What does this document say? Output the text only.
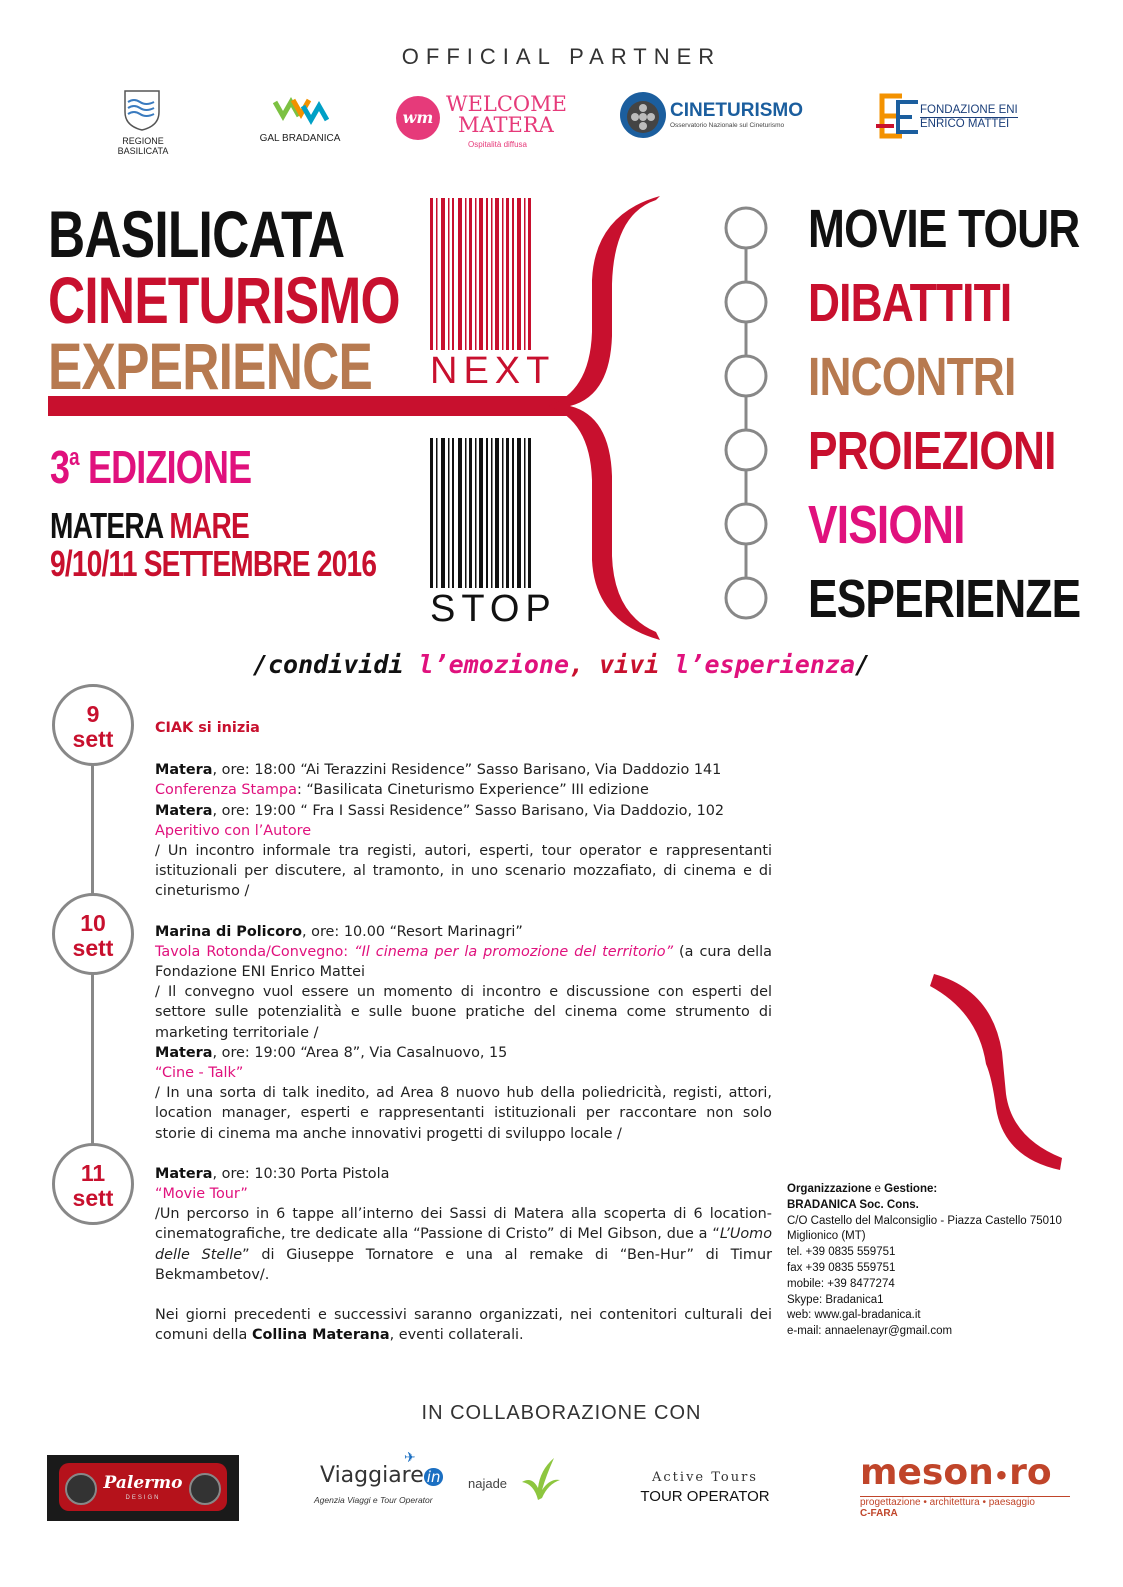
OFFICIAL PARTNER
REGIONE BASILICATA
GAL BRADANICA
wm
WELCOME
MATERA
Ospitalità diffusa
CINETURISMO
Osservatorio Nazionale sul Cineturismo
FONDAZIONE ENI
ENRICO MATTEI
BASILICATA
CINETURISMO
EXPERIENCE
3$^a$ EDIZIONE
MATERA MARE
9/10/11 SETTEMBRE 2016
NEXT
STOP
MOVIE TOUR
DIBATTITI
INCONTRI
PROIEZIONI
VISIONI
ESPERIENZE
/condividi l’emozione, vivi l’esperienza/
9
sett
10
sett
11
sett

CIAK si inizia

Matera, ore: 18:00 “Ai Terazzini Residence” Sasso Barisano, Via Daddozio 141

Conferenza Stampa: “Basilicata Cineturismo Experience” III edizione

Matera, ore: 19:00 “ Fra I Sassi Residence” Sasso Barisano, Via Daddozio, 102

Aperitivo con l’Autore

/ Un incontro informale tra registi, autori, esperti, tour operator e rappresentanti istituzionali per discutere, al tramonto, in uno scenario mozzafiato, di cinema e di cineturismo /

Marina di Policoro, ore: 10.00 “Resort Marinagri”

Tavola Rotonda/Convegno: “Il cinema per la promozione del territorio” (a cura della Fondazione ENI Enrico Mattei

/ Il convegno vuol essere un momento di incontro e discussione con esperti del settore sulle potenzialità e sulle buone pratiche del cinema come strumento di marketing territoriale /

Matera, ore: 19:00 “Area 8”, Via Casalnuovo, 15

“Cine - Talk”

/ In una sorta di talk inedito, ad Area 8 nuovo hub della poliedricità, registi, attori, location manager, esperti e rappresentanti istituzionali per raccontare non solo storie di cinema ma anche innovativi progetti di sviluppo locale /

Matera, ore: 10:30 Porta Pistola

“Movie Tour”

/Un percorso in 6 tappe all’interno dei Sassi di Matera alla scoperta di 6 location cinematografiche, tre dedicate alla “Passione di Cristo” di Mel Gibson, due a “L’Uomo delle Stelle” di Giuseppe Tornatore e una al remake di “Ben-Hur” di Timur Bekmambetov/.

Nei giorni precedenti e successivi saranno organizzati, nei contenitori culturali dei comuni della Collina Materana, eventi collaterali.

Organizzazione e Gestione:
BRADANICA Soc. Cons.
C/O Castello del Malconsiglio - Piazza Castello 75010
Miglionico (MT)
tel. +39 0835 559751
fax +39 0835 559751
mobile: +39 8477274
Skype: Bradanica1
web: www.gal-bradanica.it
e-mail: annaelenayr@gmail.com
IN COLLABORAZIONE CON
Palermo
DESIGN
Viaggiare in
✈
Agenzia Viaggi e Tour Operator
najade	Active Tours
TOUR OPERATOR
meson•ro
progettazione • architettura • paesaggio
C-FARA
